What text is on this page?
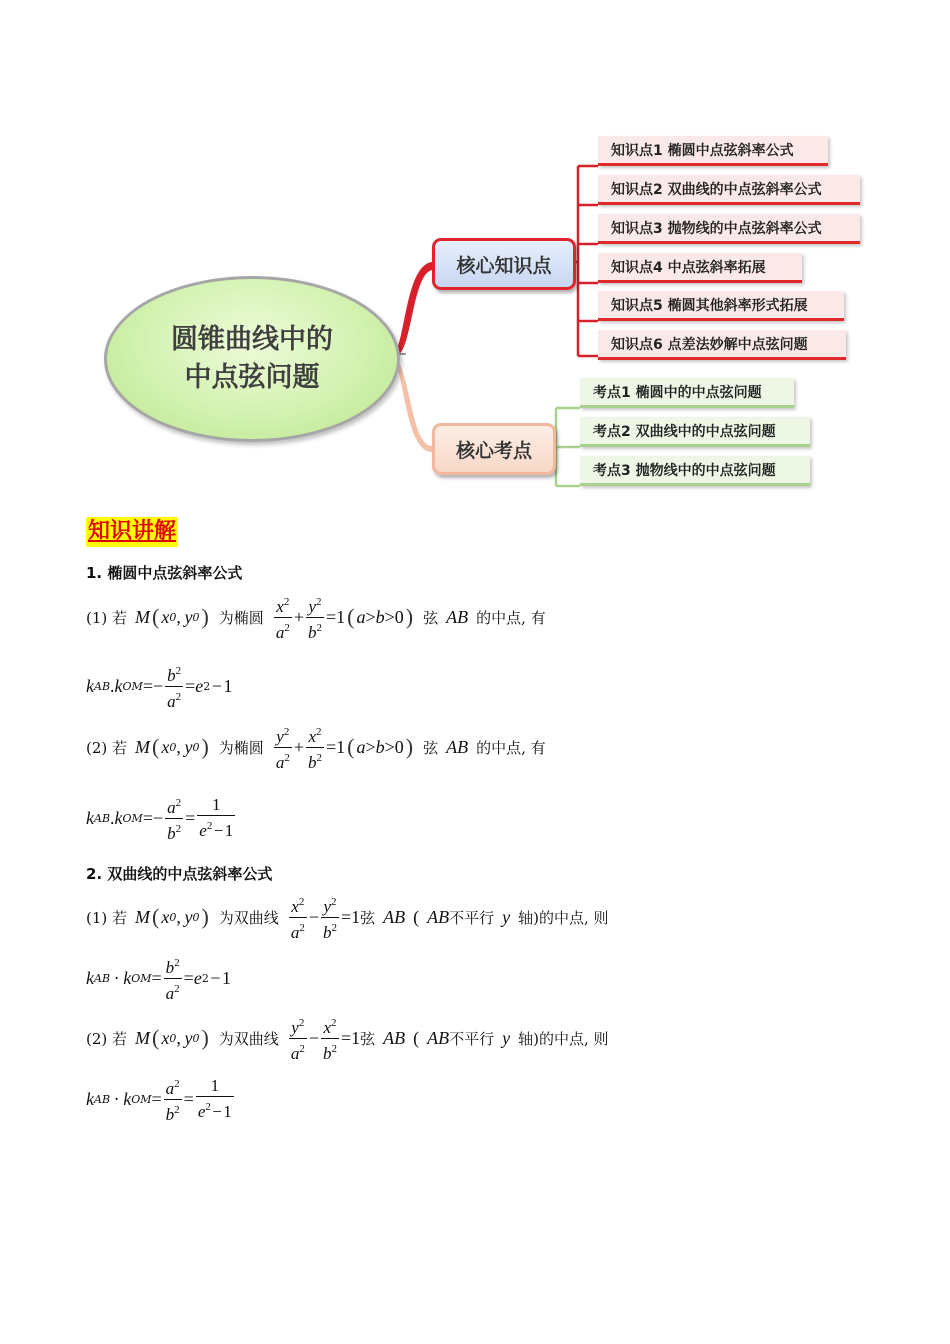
圆锥曲线中的
中点弦问题
核心知识点
核心考点
知识点1 椭圆中点弦斜率公式
知识点2 双曲线的中点弦斜率公式
知识点3 抛物线的中点弦斜率公式
知识点4 中点弦斜率拓展
知识点5 椭圆其他斜率形式拓展
知识点6 点差法妙解中点弦问题
考点1 椭圆中的中点弦问题
考点2 双曲线中的中点弦问题
考点3 抛物线中的中点弦问题
知识讲解
1. 椭圆中点弦斜率公式
(1) 若 M ( x 0 ,  y 0 ) 为椭圆 $\frac{x^2}{a^2} + \frac{y^2}{b^2} =1$ ( a > b >0 ) 弦 AB 的中点, 有
k AB . k OM =− $\frac{b^2}{a^2} = e$ 2  − 1
(2) 若 M ( x 0 ,  y 0 ) 为椭圆 $\frac{y^2}{a^2} + \frac{x^2}{b^2} =1$ ( a > b >0 ) 弦 AB 的中点, 有
k AB . k OM =− $\frac{a^2}{b^2} = \frac{1}{e^2 - 1}$
2. 双曲线的中点弦斜率公式
(1) 若 M ( x 0 ,  y 0 ) 为双曲线 $\frac{x^2}{a^2} - \frac{y^2}{b^2} =1$ 弦 AB ( AB 不平行 y 轴) 的中点, 则
k AB  ·  k OM = $\frac{b^2}{a^2} = e$ 2  − 1
(2) 若 M ( x 0 ,  y 0 ) 为双曲线 $\frac{y^2}{a^2} - \frac{x^2}{b^2} =1$ 弦 AB ( AB 不平行 y 轴) 的中点, 则
k AB  ·  k OM = $\frac{a^2}{b^2} = \frac{1}{e^2 - 1}$
